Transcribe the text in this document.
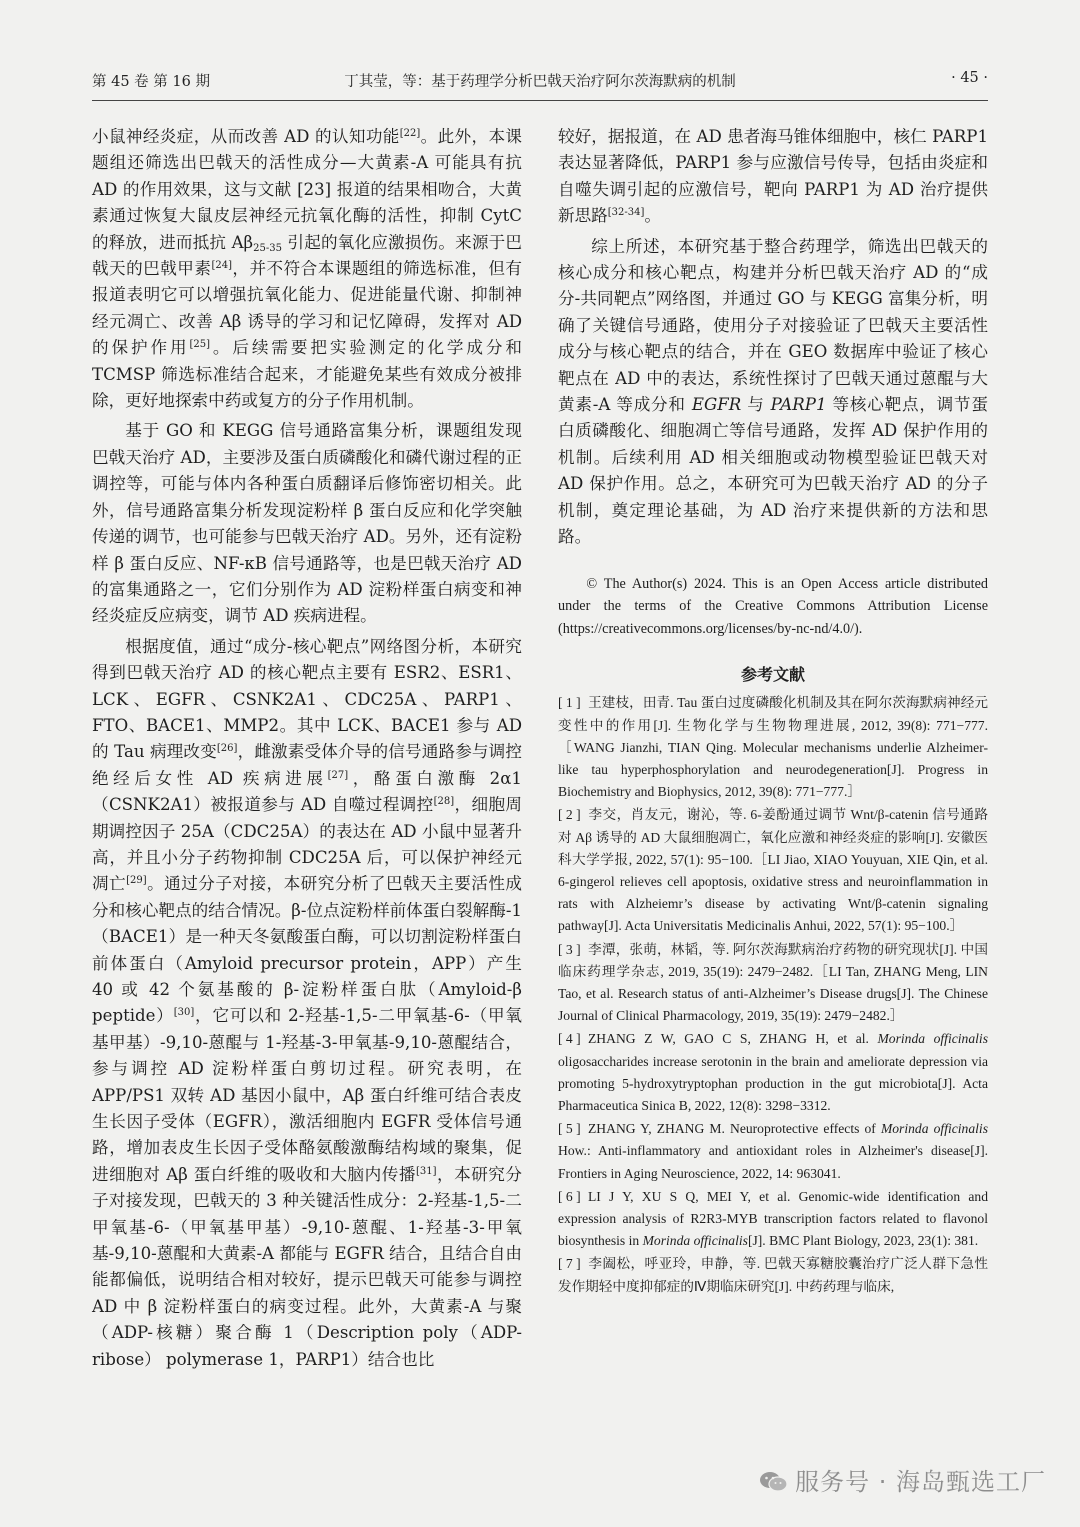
第 45 卷 第 16 期	丁其莹，等：基于药理学分析巴戟天治疗阿尔茨海默病的机制	· 45 ·

小鼠神经炎症，从而改善 AD 的认知功能[22]。此外，本课题组还筛选出巴戟天的活性成分—大黄素-A 可能具有抗 AD 的作用效果，这与文献 [23] 报道的结果相吻合，大黄素通过恢复大鼠皮层神经元抗氧化酶的活性，抑制 CytC 的释放，进而抵抗 $A\beta_{25-35}$ 引起的氧化应激损伤。来源于巴戟天的巴戟甲素[24]，并不符合本课题组的筛选标准，但有报道表明它可以增强抗氧化能力、促进能量代谢、抑制神经元凋亡、改善 Aβ 诱导的学习和记忆障碍，发挥对 AD 的保护作用[25]。后续需要把实验测定的化学成分和 TCMSP 筛选标准结合起来，才能避免某些有效成分被排除，更好地探索中药或复方的分子作用机制。

基于 GO 和 KEGG 信号通路富集分析，课题组发现巴戟天治疗 AD，主要涉及蛋白质磷酸化和磷代谢过程的正调控等，可能与体内各种蛋白质翻译后修饰密切相关。此外，信号通路富集分析发现淀粉样 β 蛋白反应和化学突触传递的调节，也可能参与巴戟天治疗 AD。另外，还有淀粉样 β 蛋白反应、NF-κB 信号通路等，也是巴戟天治疗 AD 的富集通路之一，它们分别作为 AD 淀粉样蛋白病变和神经炎症反应病变，调节 AD 疾病进程。

根据度值，通过“成分-核心靶点”网络图分析，本研究得到巴戟天治疗 AD 的核心靶点主要有 ESR2、ESR1、LCK、EGFR、CSNK2A1、CDC25A、PARP1、FTO、BACE1、MMP2。其中 LCK、BACE1 参与 AD 的 Tau 病理改变[26]，雌激素受体介导的信号通路参与调控绝经后女性 AD 疾病进展[27]，酪蛋白激酶 2α1（CSNK2A1）被报道参与 AD 自噬过程调控[28]，细胞周期调控因子 25A（CDC25A）的表达在 AD 小鼠中显著升高，并且小分子药物抑制 CDC25A 后，可以保护神经元凋亡[29]。通过分子对接，本研究分析了巴戟天主要活性成分和核心靶点的结合情况。β-位点淀粉样前体蛋白裂解酶-1（BACE1）是一种天冬氨酸蛋白酶，可以切割淀粉样蛋白前体蛋白（Amyloid precursor protein，APP）产生 40 或 42 个氨基酸的 β-淀粉样蛋白肽（Amyloid-β peptide）[30]，它可以和 2-羟基-1,5-二甲氧基-6-（甲氧基甲基）-9,10-蒽醌与 1-羟基-3-甲氧基-9,10-蒽醌结合，参与调控 AD 淀粉样蛋白剪切过程。研究表明，在 APP/PS1 双转 AD 基因小鼠中，Aβ 蛋白纤维可结合表皮生长因子受体（EGFR），激活细胞内 EGFR 受体信号通路，增加表皮生长因子受体酪氨酸激酶结构域的聚集，促进细胞对 Aβ 蛋白纤维的吸收和大脑内传播[31]，本研究分子对接发现，巴戟天的 3 种关键活性成分：2-羟基-1,5-二甲氧基-6-（甲氧基甲基）-9,10-蒽醌、1-羟基-3-甲氧基-9,10-蒽醌和大黄素-A 都能与 EGFR 结合，且结合自由能都偏低，说明结合相对较好，提示巴戟天可能参与调控 AD 中 β 淀粉样蛋白的病变过程。此外，大黄素-A 与聚（ADP-核糖）聚合酶 1（Description poly（ADP-ribose） polymerase 1，PARP1）结合也比

较好，据报道，在 AD 患者海马锥体细胞中，核仁 PARP1 表达显著降低，PARP1 参与应激信号传导，包括由炎症和自噬失调引起的应激信号，靶向 PARP1 为 AD 治疗提供新思路[32-34]。

综上所述，本研究基于整合药理学，筛选出巴戟天的核心成分和核心靶点，构建并分析巴戟天治疗 AD 的“成分-共同靶点”网络图，并通过 GO 与 KEGG 富集分析，明确了关键信号通路，使用分子对接验证了巴戟天主要活性成分与核心靶点的结合，并在 GEO 数据库中验证了核心靶点在 AD 中的表达，系统性探讨了巴戟天通过蒽醌与大黄素-A 等成分和 EGFR 与 PARP1 等核心靶点，调节蛋白质磷酸化、细胞凋亡等信号通路，发挥 AD 保护作用的机制。后续利用 AD 相关细胞或动物模型验证巴戟天对 AD 保护作用。总之，本研究可为巴戟天治疗 AD 的分子机制，奠定理论基础，为 AD 治疗来提供新的方法和思路。

© The Author(s) 2024. This is an Open Access article distributed under the terms of the Creative Commons Attribution License (https://creativecommons.org/licenses/by-nc-nd/4.0/).

参考文献

[ 1 ] 王建枝，田青. Tau 蛋白过度磷酸化机制及其在阿尔茨海默病神经元变性中的作用[J]. 生物化学与生物物理进展, 2012, 39(8): 771−777.［WANG Jianzhi, TIAN Qing. Molecular mechanisms underlie Alzheimer-like tau hyperphosphorylation and neurodegeneration[J]. Progress in Biochemistry and Biophysics, 2012, 39(8): 771−777.］

[ 2 ] 李交，肖友元，谢沁，等. 6-姜酚通过调节 Wnt/β-catenin 信号通路对 Aβ 诱导的 AD 大鼠细胞凋亡，氧化应激和神经炎症的影响[J]. 安徽医科大学学报, 2022, 57(1): 95−100.［LI Jiao, XIAO Youyuan, XIE Qin, et al. 6-gingerol relieves cell apoptosis, oxidative stress and neuroinflammation in rats with Alzheiemr’s disease by activating Wnt/β-catenin signaling pathway[J]. Acta Universitatis Medicinalis Anhui, 2022, 57(1): 95−100.］

[ 3 ] 李潭，张萌，林韬，等. 阿尔茨海默病治疗药物的研究现状[J]. 中国临床药理学杂志, 2019, 35(19): 2479−2482.［LI Tan, ZHANG Meng, LIN Tao, et al. Research status of anti-Alzheimer’s Disease drugs[J]. The Chinese Journal of Clinical Pharmacology, 2019, 35(19): 2479−2482.］

[ 4 ] ZHANG Z W, GAO C S, ZHANG H, et al. Morinda officinalis oligosaccharides increase serotonin in the brain and ameliorate depression via promoting 5-hydroxytryptophan production in the gut microbiota[J]. Acta Pharmaceutica Sinica B, 2022, 12(8): 3298−3312.

[ 5 ] ZHANG Y, ZHANG M. Neuroprotective effects of Morinda officinalis How.: Anti-inflammatory and antioxidant roles in Alzheimer's disease[J]. Frontiers in Aging Neuroscience, 2022, 14: 963041.

[ 6 ] LI J Y, XU S Q, MEI Y, et al. Genomic-wide identification and expression analysis of R2R3-MYB transcription factors related to flavonol biosynthesis in Morinda officinalis[J]. BMC Plant Biology, 2023, 23(1): 381.

[ 7 ] 李阖松，呼亚玲，申静，等. 巴戟天寡糖胶囊治疗广泛人群下急性发作期轻中度抑郁症的Ⅳ期临床研究[J]. 中药药理与临床,

服务号 · 海岛甄选工厂
